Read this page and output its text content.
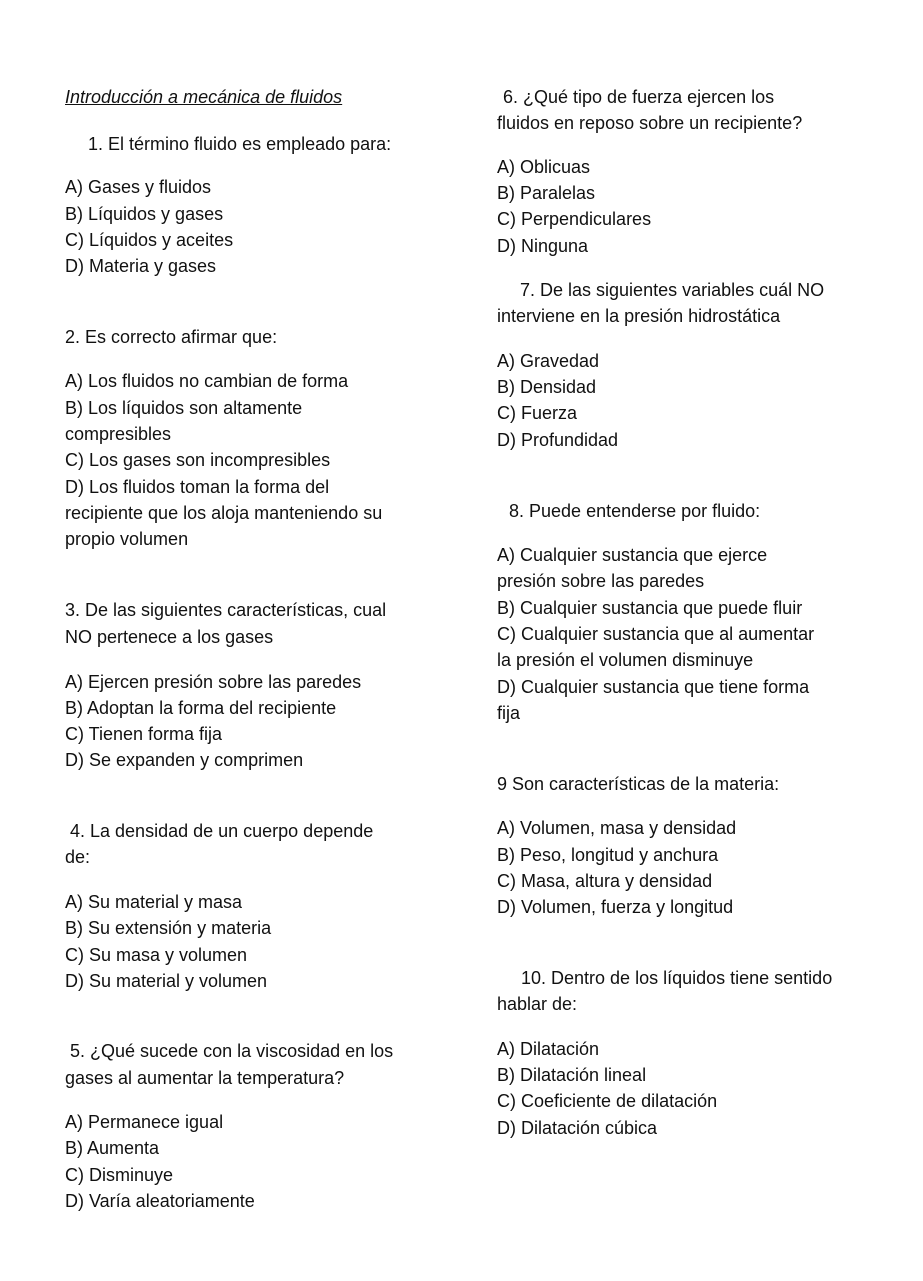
Introducción a mecánica de fluidos
1. El término fluido es empleado para:
A) Gases y fluidos
B) Líquidos y gases
C) Líquidos y aceites
D) Materia y gases
2. Es correcto afirmar que:
A) Los fluidos no cambian de forma
B) Los líquidos son altamente
compresibles
C) Los gases son incompresibles
D) Los fluidos toman la forma del
recipiente que los aloja manteniendo su
propio volumen
3. De las siguientes características, cual
NO pertenece a los gases
A) Ejercen presión sobre las paredes
B) Adoptan la forma del recipiente
C) Tienen forma fija
D) Se expanden y comprimen
4. La densidad de un cuerpo depende
de:
A) Su material y masa
B) Su extensión y materia
C) Su masa y volumen
D) Su material y volumen
5. ¿Qué sucede con la viscosidad en los
gases al aumentar la temperatura?
A) Permanece igual
B) Aumenta
C) Disminuye
D) Varía aleatoriamente
6. ¿Qué tipo de fuerza ejercen los
fluidos en reposo sobre un recipiente?
A) Oblicuas
B) Paralelas
C) Perpendiculares
D) Ninguna
7. De las siguientes variables cuál NO
interviene en la presión hidrostática
A) Gravedad
B) Densidad
C) Fuerza
D) Profundidad
8. Puede entenderse por fluido:
A) Cualquier sustancia que ejerce
presión sobre las paredes
B) Cualquier sustancia que puede fluir
C) Cualquier sustancia que al aumentar
la presión el volumen disminuye
D) Cualquier sustancia que tiene forma
fija
9 Son características de la materia:
A) Volumen, masa y densidad
B) Peso, longitud y anchura
C) Masa, altura y densidad
D) Volumen, fuerza y longitud
10. Dentro de los líquidos tiene sentido
hablar de:
A) Dilatación
B) Dilatación lineal
C) Coeficiente de dilatación
D) Dilatación cúbica
